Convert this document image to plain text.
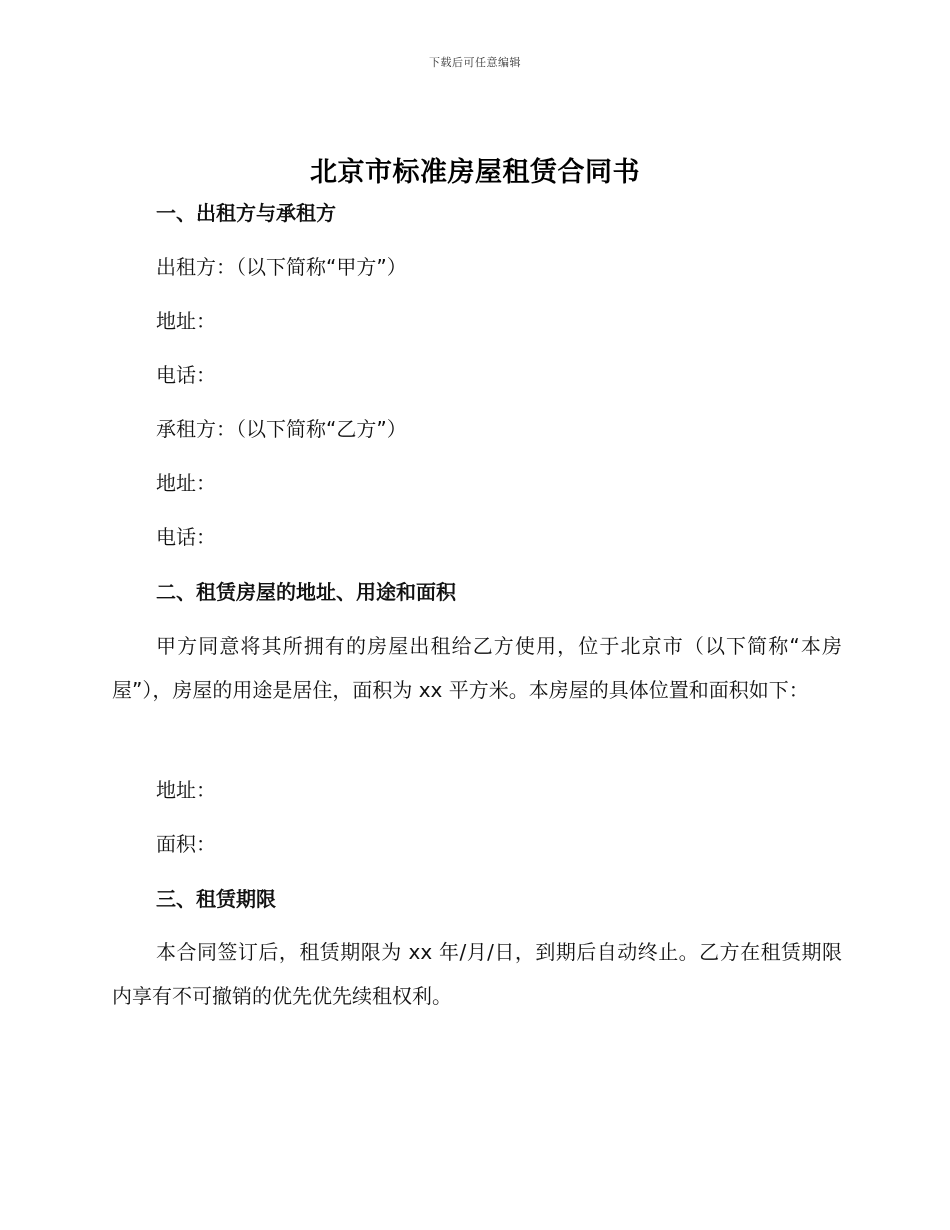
下载后可任意编辑
北京市标准房屋租赁合同书
一、出租方与承租方
出租方：（以下简称“甲方”）
地址：
电话：
承租方：（以下简称“乙方”）
地址：
电话：
二、租赁房屋的地址、用途和面积
甲方同意将其所拥有的房屋出租给乙方使用，位于北京市（以下简称“本房屋”），房屋的用途是居住，面积为 xx 平方米。本房屋的具体位置和面积如下：
地址：
面积：
三、租赁期限
本合同签订后，租赁期限为 xx 年/月/日，到期后自动终止。乙方在租赁期限内享有不可撤销的优先优先续租权利。
